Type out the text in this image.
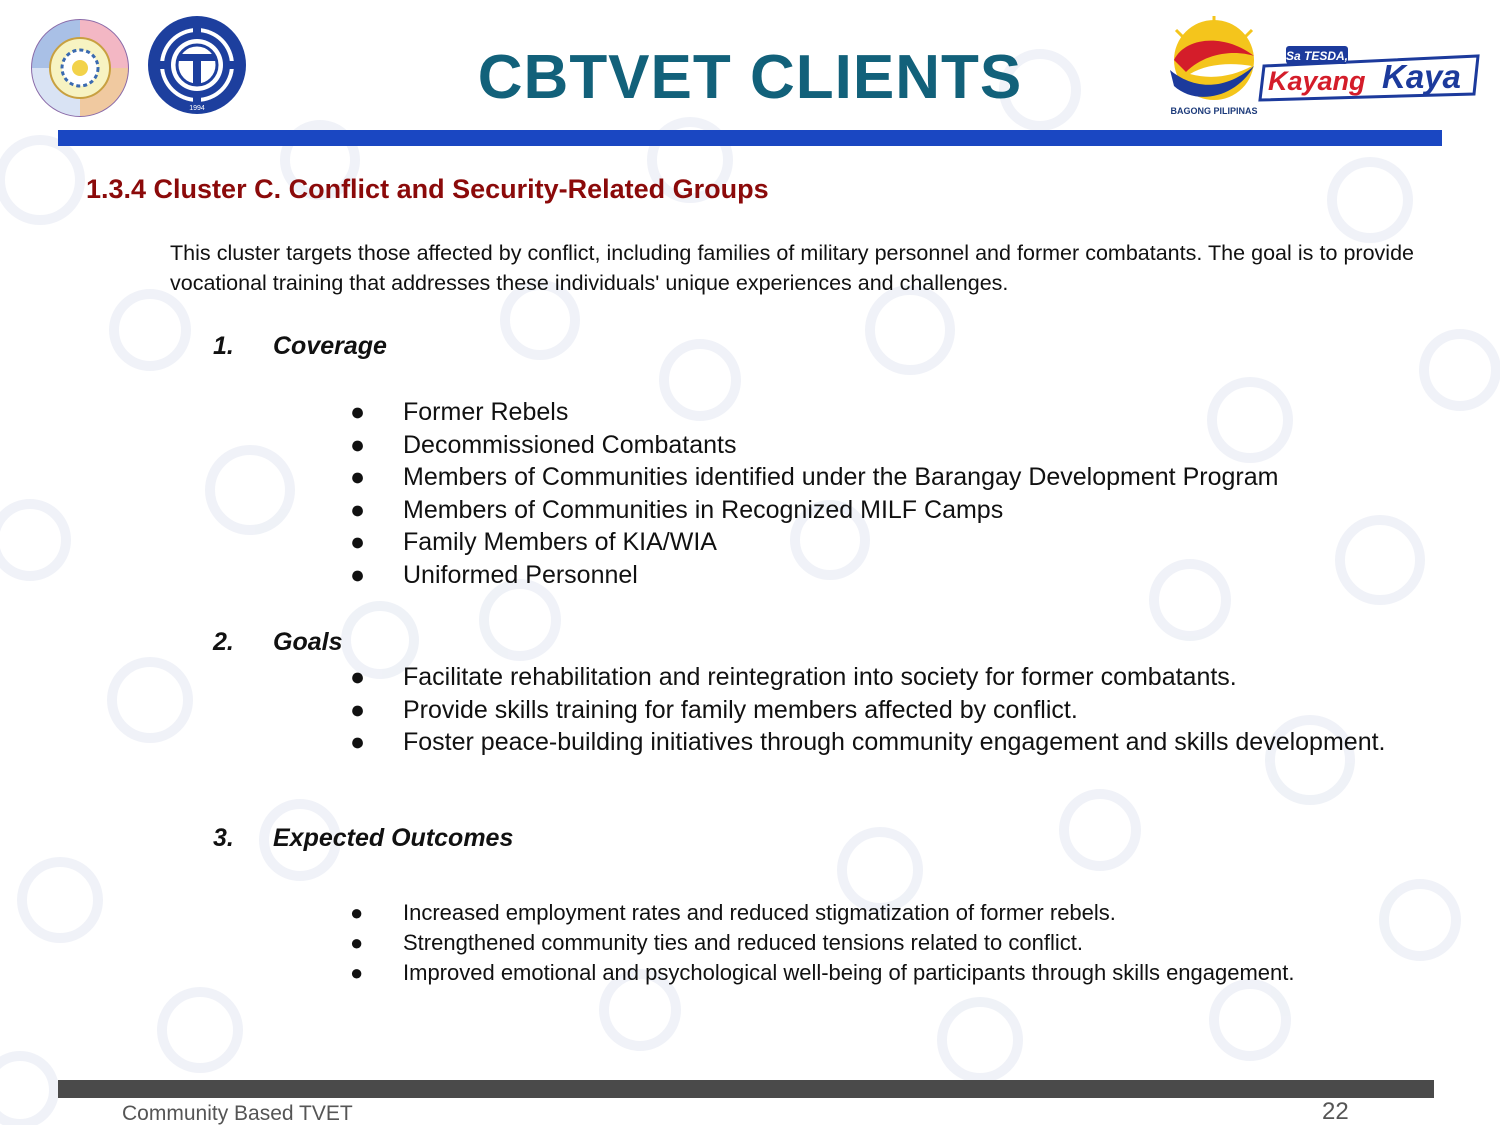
1994	CBTVET CLIENTS	BAGONG PILIPINAS
Sa TESDA,
Kayang Kaya
1.3.4 Cluster C. Conflict and Security-Related Groups

This cluster targets those affected by conflict, including families of military personnel and former combatants. The goal is to provide vocational training that addresses these individuals' unique experiences and challenges.

1. Coverage
● Former Rebels
● Decommissioned Combatants
● Members of Communities identified under the Barangay Development Program
● Members of Communities in Recognized MILF Camps
● Family Members of KIA/WIA
● Uniformed Personnel
2. Goals
● Facilitate rehabilitation and reintegration into society for former combatants.
● Provide skills training for family members affected by conflict.
● Foster peace-building initiatives through community engagement and skills development.
3. Expected Outcomes
● Increased employment rates and reduced stigmatization of former rebels.
● Strengthened community ties and reduced tensions related to conflict.
● Improved emotional and psychological well-being of participants through skills engagement.
Community Based TVET	22
